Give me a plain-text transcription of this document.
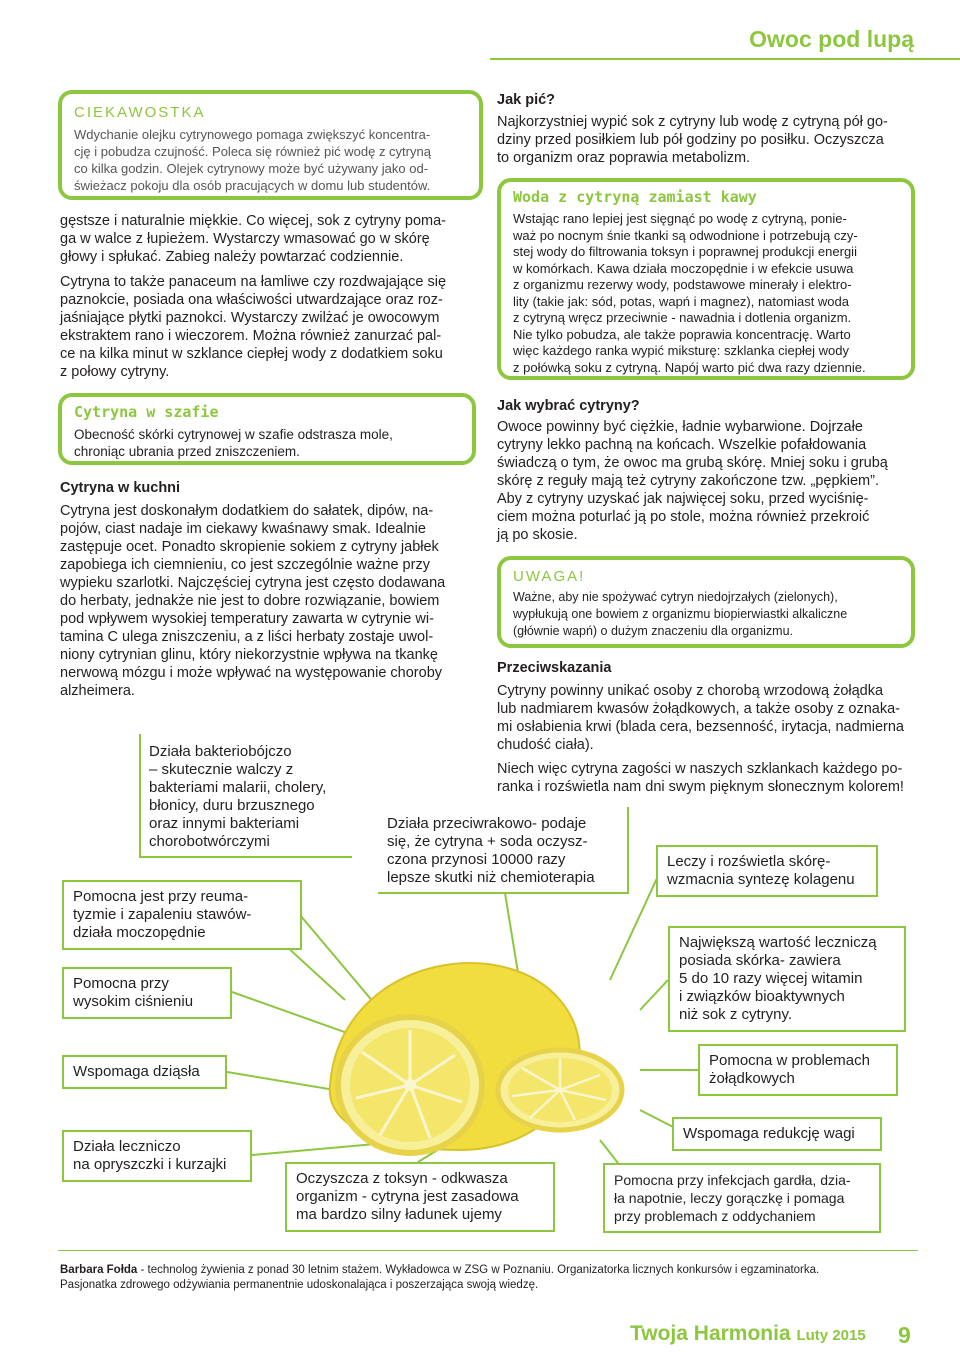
Owoc pod lupą
CIEKAWOSTKA
Wdychanie olejku cytrynowego pomaga zwiększyć koncentra-
cję i pobudza czujność. Poleca się również pić wodę z cytryną
co kilka godzin. Olejek cytrynowy może być używany jako od-
świeżacz pokoju dla osób pracujących w domu lub studentów.
gęstsze i naturalnie miękkie. Co więcej, sok z cytryny poma-
ga w walce z łupieżem. Wystarczy wmasować go w skórę
głowy i spłukać. Zabieg należy powtarzać codziennie.
Cytryna to także panaceum na łamliwe czy rozdwajające się
paznokcie, posiada ona właściwości utwardzające oraz roz-
jaśniające płytki paznokci. Wystarczy zwilżać je owocowym
ekstraktem rano i wieczorem. Można również zanurzać pal-
ce na kilka minut w szklance ciepłej wody z dodatkiem soku
z połowy cytryny.
Cytryna w szafie
Obecność skórki cytrynowej w szafie odstrasza mole,
chroniąc ubrania przed zniszczeniem.
Cytryna w kuchni
Cytryna jest doskonałym dodatkiem do sałatek, dipów, na-
pojów, ciast nadaje im ciekawy kwaśnawy smak. Idealnie
zastępuje ocet. Ponadto skropienie sokiem z cytryny jabłek
zapobiega ich ciemnieniu, co jest szczególnie ważne przy
wypieku szarlotki. Najczęściej cytryna jest często dodawana
do herbaty, jednakże nie jest to dobre rozwiązanie, bowiem
pod wpływem wysokiej temperatury zawarta w cytrynie wi-
tamina C ulega zniszczeniu, a z liści herbaty zostaje uwol-
niony cytrynian glinu, który niekorzystnie wpływa na tkankę
nerwową mózgu i może wpływać na występowanie choroby
alzheimera.
Jak pić?
Najkorzystniej wypić sok z cytryny lub wodę z cytryną pół go-
dziny przed posiłkiem lub pół godziny po posiłku. Oczyszcza
to organizm oraz poprawia metabolizm.
Woda z cytryną zamiast kawy
Wstając rano lepiej jest sięgnąć po wodę z cytryną, ponie-
waż po nocnym śnie tkanki są odwodnione i potrzebują czy-
stej wody do filtrowania toksyn i poprawnej produkcji energii
w komórkach. Kawa działa moczopędnie i w efekcie usuwa
z organizmu rezerwy wody, podstawowe minerały i elektro-
lity (takie jak: sód, potas, wapń i magnez), natomiast woda
z cytryną wręcz przeciwnie - nawadnia i dotlenia organizm.
Nie tylko pobudza, ale także poprawia koncentrację. Warto
więc każdego ranka wypić miksturę: szklanka ciepłej wody
z połówką soku z cytryną. Napój warto pić dwa razy dziennie.
Jak wybrać cytryny?
Owoce powinny być ciężkie, ładnie wybarwione. Dojrzałe
cytryny lekko pachną na końcach. Wszelkie pofałdowania
świadczą o tym, że owoc ma grubą skórę. Mniej soku i grubą
skórę z reguły mają też cytryny zakończone tzw. „pępkiem”.
Aby z cytryny uzyskać jak najwięcej soku, przed wyciśnię-
ciem można poturlać ją po stole, można również przekroić
ją po skosie.
UWAGA!
Ważne, aby nie spożywać cytryn niedojrzałych (zielonych),
wypłukują one bowiem z organizmu biopierwiastki alkaliczne
(głównie wapń) o dużym znaczeniu dla organizmu.
Przeciwskazania
Cytryny powinny unikać osoby z chorobą wrzodową żołądka
lub nadmiarem kwasów żołądkowych, a także osoby z oznaka-
mi osłabienia krwi (blada cera, bezsenność, irytacja, nadmierna
chudość ciała).
Niech więc cytryna zagości w naszych szklankach każdego po-
ranka i rozświetla nam dni swym pięknym słonecznym kolorem!
Działa bakteriobójczo
– skutecznie walczy z
bakteriami malarii, cholery,
błonicy, duru brzusznego
oraz innymi bakteriami
chorobotwórczymi
Działa przeciwrakowo- podaje
się, że cytryna + soda oczysz-
czona przynosi 10000 razy
lepsze skutki niż chemioterapia
Pomocna jest przy reuma-
tyzmie i zapaleniu stawów-
działa moczopędnie
Pomocna przy
wysokim ciśnieniu
Wspomaga dziąsła
Działa leczniczo
na opryszczki i kurzajki
Oczyszcza z toksyn - odkwasza
organizm - cytryna jest zasadowa
ma bardzo silny ładunek ujemy
Leczy i rozświetla skórę-
wzmacnia syntezę kolagenu
Największą wartość leczniczą
posiada skórka- zawiera
5 do 10 razy więcej witamin
i związków bioaktywnych
niż sok z cytryny.
Pomocna w problemach
żołądkowych
Wspomaga redukcję wagi
Pomocna przy infekcjach gardła, dzia-
ła napotnie, leczy gorączkę i pomaga
przy problemach z oddychaniem
Barbara Fołda - technolog żywienia z ponad 30 letnim stażem. Wykładowca w ZSG w Poznaniu. Organizatorka licznych konkursów i egzaminatorka.
Pasjonatka zdrowego odżywiania permanentnie udoskonalająca i poszerzająca swoją wiedzę.
Twoja Harmonia Luty 2015 9
